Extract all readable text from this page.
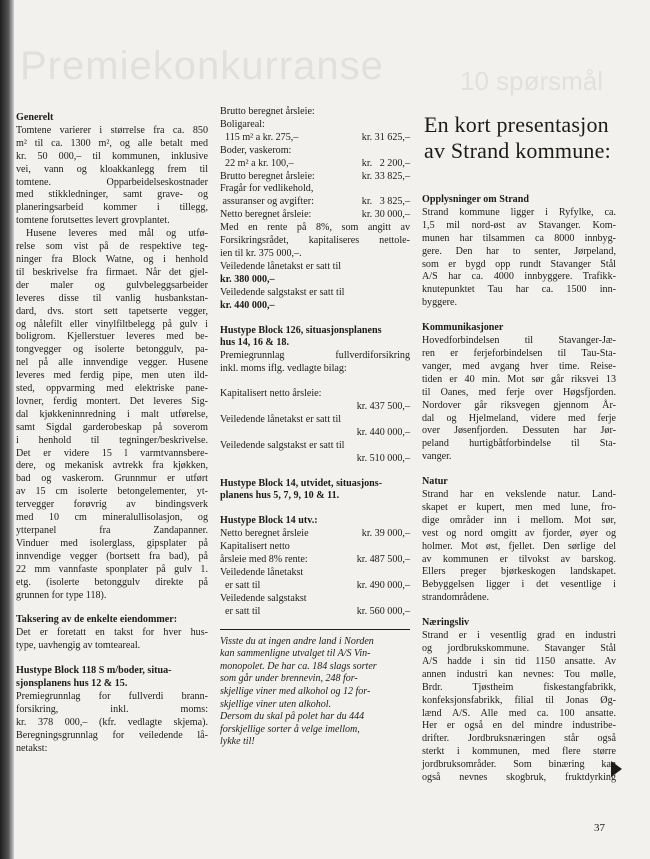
Premiekonkurranse	10 spørsmål
Generelt

Tomtene varierer i størrelse fra ca. 850

m² til ca. 1300 m², og alle betalt med

kr. 50 000,– til kommunen, inklusive

vei, vann og kloakkanlegg frem til

tomtene. Opparbeidelseskostnader

med stikkledninger, samt grave- og

planeringsarbeid kommer i tillegg,

tomtene forutsettes levert grovplantet.

Husene leveres med mål og utfø-

relse som vist på de respektive teg-

ninger fra Block Watne, og i henhold

til beskrivelse fra firmaet. Når det gjel-

der maler og gulvbeleggsarbeider

leveres disse til vanlig husbankstan-

dard, dvs. stort sett tapetserte vegger,

og nålefilt eller vinylfiltbelegg på gulv i

boligrom. Kjellerstuer leveres med be-

tongvegger og isolerte betonggulv, pa-

nel på alle innvendige vegger. Husene

leveres med ferdig pipe, men uten ild-

sted, oppvarming med elektriske pane-

lovner, ferdig montert. Det leveres Sig-

dal kjøkkeninnredning i malt utførelse,

samt Sigdal garderobeskap på soverom

i henhold til tegninger/beskrivelse.

Det er videre 15 l varmtvannsbere-

dere, og mekanisk avtrekk fra kjøkken,

bad og vaskerom. Grunnmur er utført

av 15 cm isolerte betongelementer, yt-

tervegger forøvrig av bindingsverk

med 10 cm mineralullisolasjon, og

ytterpanel fra Zandapanner.

Vinduer med isolerglass, gipsplater på

innvendige vegger (bortsett fra bad), på

22 mm vannfaste sponplater på gulv 1.

etg. (isolerte betonggulv direkte på

grunnen for type 118).

Taksering av de enkelte eiendommer:

Det er foretatt en takst for hver hus-

type, uavhengig av tomteareal.

Hustype Block 118 S m/boder, situa-
sjonsplanens hus 12 & 15.

Premiegrunnlag for fullverdi brann-

forsikring, inkl. moms:

kr. 378 000,– (kfr. vedlagte skjema).

Beregningsgrunnlag for veiledende lå-

netakst:

Brutto beregnet årsleie:
Boligareal:
115 m² a kr. 275,–	kr. 31 625,–
Boder, vaskerom:
22 m² a kr. 100,–	kr.   2 200,–
Brutto beregnet årsleie:	kr. 33 825,–
Fragår for vedlikehold,
assuranser og avgifter:	kr.   3 825,–
Netto beregnet årsleie:	kr. 30 000,–

Med en rente på 8%, som angitt av

Forsikringsrådet, kapitaliseres nettole-

ien til kr. 375 000,–.

Veiledende lånetakst er satt til
kr. 380 000,–
Veiledende salgstakst er satt til
kr. 440 000,–
Hustype Block 126, situasjonsplanens
hus 14, 16 & 18.

Premiegrunnlag fullverdiforsikring

inkl. moms iflg. vedlagte bilag:

Kapitalisert netto årsleie:
kr. 437 500,–
Veiledende lånetakst er satt til
kr. 440 000,–
Veiledende salgstakst er satt til
kr. 510 000,–
Hustype Block 14, utvidet, situasjons-
planens hus 5, 7, 9, 10 & 11.
Hustype Block 14 utv.:
Netto beregnet årsleie	kr. 39 000,–
Kapitalisert netto
årsleie med 8% rente:	kr. 487 500,–
Veiledende lånetakst
er satt til	kr. 490 000,–
Veiledende salgstakst
er satt til	kr. 560 000,–

Visste du at ingen andre land i Norden

kan sammenligne utvalget til A/S Vin-

monopolet. De har ca. 184 slags sorter

som går under brennevin, 248 for-

skjellige viner med alkohol og 12 for-

skjellige viner uten alkohol.

Dersom du skal på polet har du 444

forskjellige sorter å velge imellom,

lykke til!

En kort presentasjon
av Strand kommune:
Opplysninger om Strand

Strand kommune ligger i Ryfylke, ca.

1,5 mil nord-øst av Stavanger. Kom-

munen har tilsammen ca 8000 innbyg-

gere. Den har to senter, Jørpeland,

som er bygd opp rundt Stavanger Stål

A/S har ca. 4000 innbyggere. Trafikk-

knutepunktet Tau har ca. 1500 inn-

byggere.

Kommunikasjoner

Hovedforbindelsen til Stavanger-Jæ-

ren er ferjeforbindelsen til Tau-Sta-

vanger, med avgang hver time. Reise-

tiden er 40 min. Mot sør går riksvei 13

til Oanes, med ferje over Høgsfjorden.

Nordover går riksvegen gjennom År-

dal og Hjelmeland, videre med ferje

over Jøsenfjorden. Dessuten har Jør-

peland hurtigbåtforbindelse til Sta-

vanger.

Natur

Strand har en vekslende natur. Land-

skapet er kupert, men med lune, fro-

dige områder inn i mellom. Mot sør,

vest og nord omgitt av fjorder, øyer og

holmer. Mot øst, fjellet. Den sørlige del

av kommunen er tilvokst av barskog.

Ellers preger bjørkeskogen landskapet.

Bebyggelsen ligger i det vesentlige i

strandområdene.

Næringsliv

Strand er i vesentlig grad en industri

og jordbrukskommune. Stavanger Stål

A/S hadde i sin tid 1150 ansatte. Av

annen industri kan nevnes: Tou mølle,

Brdr. Tjøstheim fiskestangfabrikk,

konfeksjonsfabrikk, filial til Jonas Øg-

lænd A/S. Alle med ca. 100 ansatte.

Her er også en del mindre industribe-

drifter. Jordbruksnæringen står også

sterkt i kommunen, med flere større

jordbruksområder. Som binæring kan

også nevnes skogbruk, fruktdyrking

37
